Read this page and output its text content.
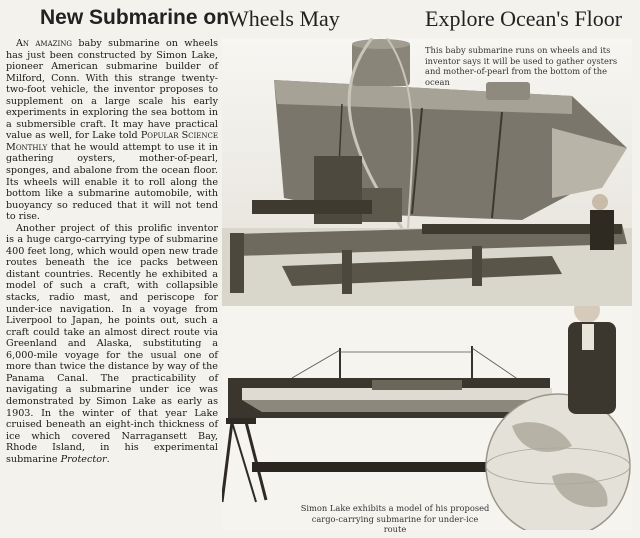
New Submarine on
Wheels May	Explore Ocean's Floor

An amazing baby submarine on wheels has just been constructed by Simon Lake, pioneer American submarine builder of Milford, Conn. With this strange twenty-two-foot vehicle, the inventor proposes to supplement on a large scale his early experiments in exploring the sea bottom in a submersible craft. It may have practical value as well, for Lake told Popular Science Monthly that he would attempt to use it in gathering oysters, mother-of-pearl, sponges, and abalone from the ocean floor. Its wheels will enable it to roll along the bottom like a submarine automobile, with buoyancy so reduced that it will not tend to rise.

Another project of this prolific inventor is a huge cargo-carrying type of submarine 400 feet long, which would open new trade routes beneath the ice packs between distant countries. Recently he exhibited a model of such a craft, with collapsible stacks, radio mast, and periscope for under-ice navigation. In a voyage from Liverpool to Japan, he points out, such a craft could take an almost direct route via Greenland and Alaska, substituting a 6,000-mile voyage for the usual one of more than twice the distance by way of the Panama Canal. The practicability of navigating a submarine under ice was demonstrated by Simon Lake as early as 1903. In the winter of that year Lake cruised beneath an eight-inch thickness of ice which covered Narragansett Bay, Rhode Island, in his experimental submarine Protector.

This baby submarine runs on wheels and its inventor says it will be used to gather oysters and mother-of-pearl from the bottom of the ocean
Simon Lake exhibits a model of his proposed cargo-carrying submarine for under-ice route
